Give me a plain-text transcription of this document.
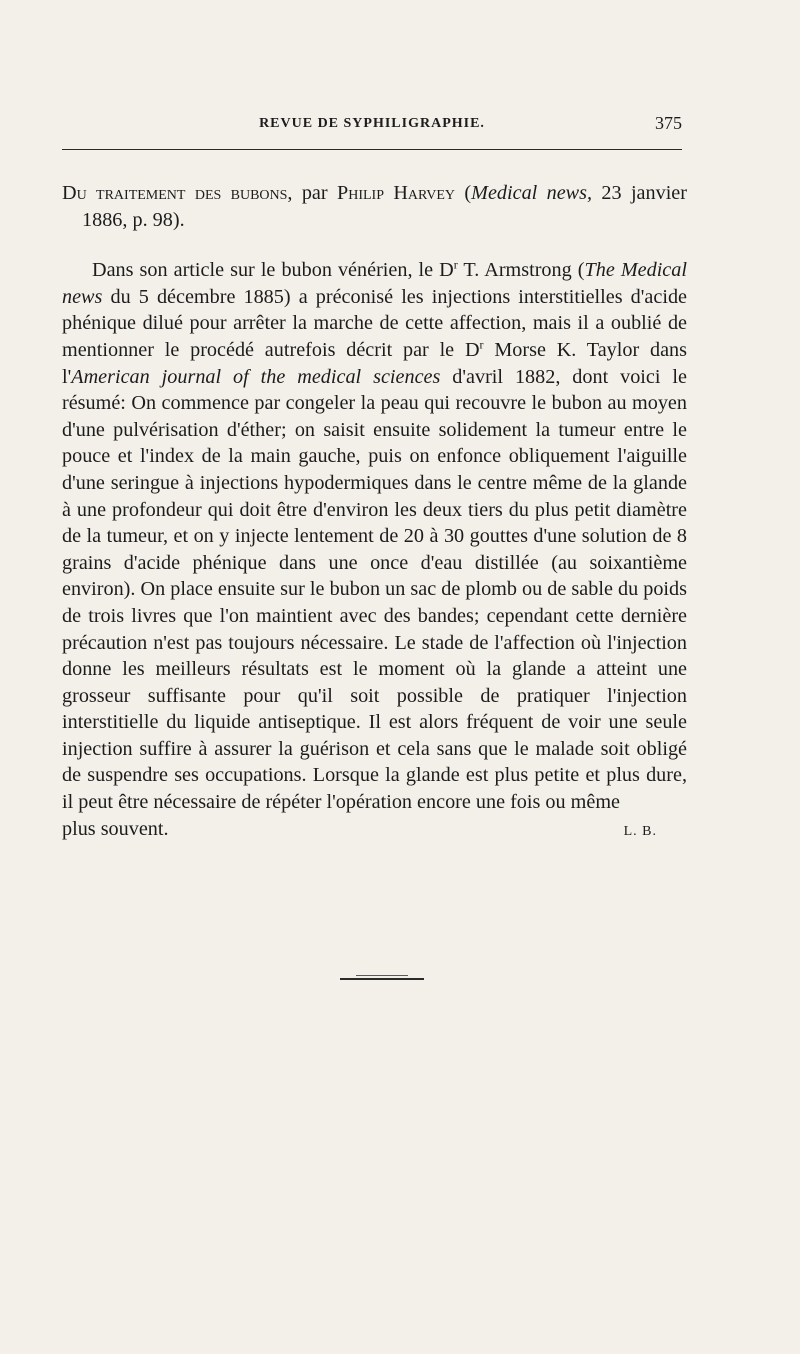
REVUE DE SYPHILIGRAPHIE.	375

Du traitement des bubons, par Philip Harvey (Medical news, 23 janvier 1886, p. 98).

Dans son article sur le bubon vénérien, le $D^r$ T. Armstrong (The Medical news du 5 décembre 1885) a préconisé les injections interstitielles d'acide phénique dilué pour arrêter la marche de cette affection, mais il a oublié de mentionner le procédé autrefois décrit par le $D^r$ Morse K. Taylor dans l'American journal of the medical sciences d'avril 1882, dont voici le résumé: On commence par congeler la peau qui recouvre le bubon au moyen d'une pulvérisation d'éther; on saisit ensuite solidement la tumeur entre le pouce et l'index de la main gauche, puis on enfonce obliquement l'aiguille d'une seringue à injections hypodermiques dans le centre même de la glande à une profondeur qui doit être d'environ les deux tiers du plus petit diamètre de la tumeur, et on y injecte lentement de 20 à 30 gouttes d'une solution de 8 grains d'acide phénique dans une once d'eau distillée (au soixantième environ). On place ensuite sur le bubon un sac de plomb ou de sable du poids de trois livres que l'on maintient avec des bandes; cependant cette dernière précaution n'est pas toujours nécessaire. Le stade de l'affection où l'injection donne les meilleurs résultats est le moment où la glande a atteint une grosseur suffisante pour qu'il soit possible de pratiquer l'injection interstitielle du liquide antiseptique. Il est alors fréquent de voir une seule injection suffire à assurer la guérison et cela sans que le malade soit obligé de suspendre ses occupations. Lorsque la glande est plus petite et plus dure, il peut être nécessaire de répéter l'opération encore une fois ou même

plus souvent.	L. B.
